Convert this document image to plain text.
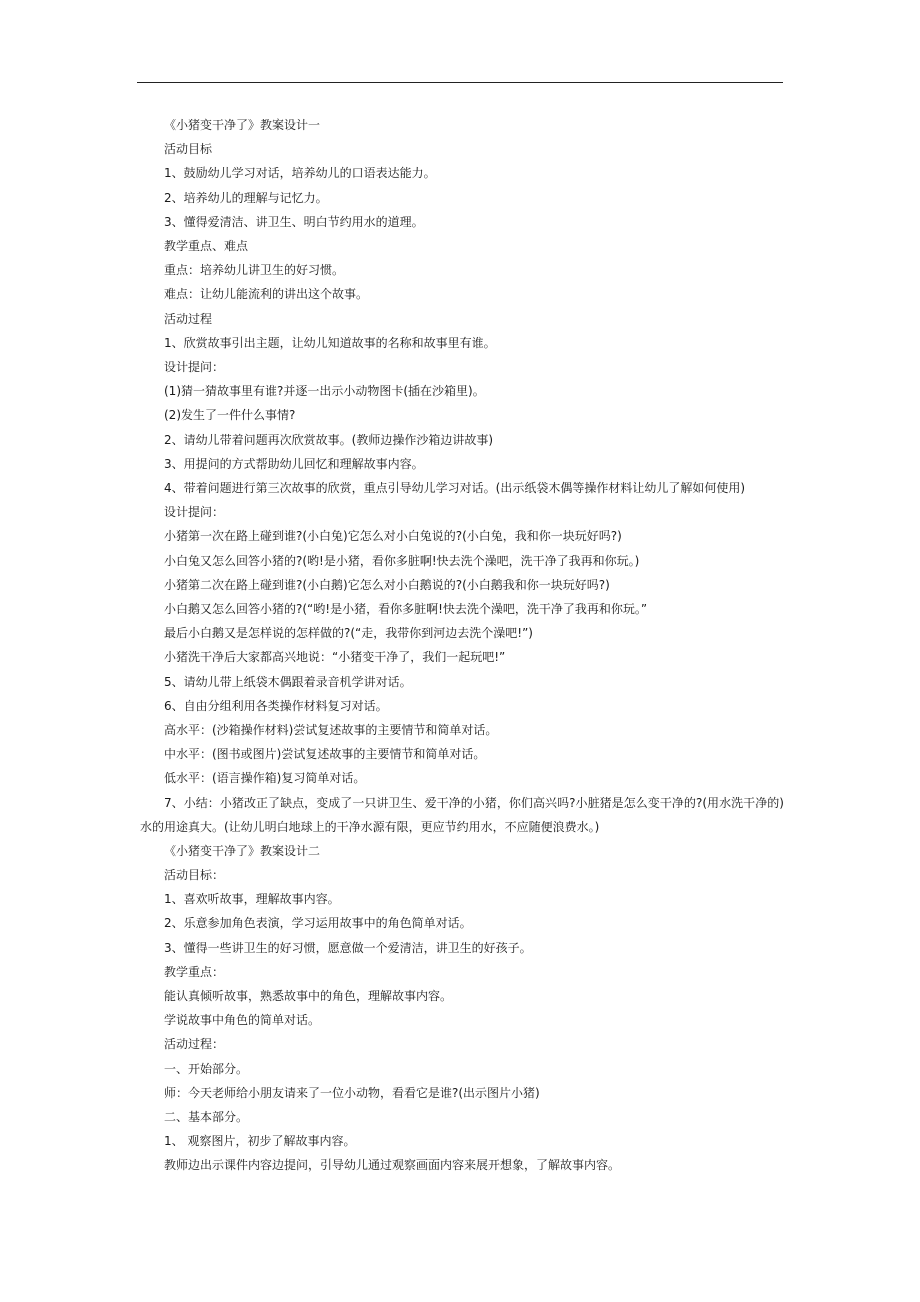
《小猪变干净了》教案设计一
活动目标
1、鼓励幼儿学习对话，培养幼儿的口语表达能力。
2、培养幼儿的理解与记忆力。
3、懂得爱清洁、讲卫生、明白节约用水的道理。
教学重点、难点
重点：培养幼儿讲卫生的好习惯。
难点：让幼儿能流利的讲出这个故事。
活动过程
1、欣赏故事引出主题，让幼儿知道故事的名称和故事里有谁。
设计提问：
(1)猜一猜故事里有谁?并逐一出示小动物图卡(插在沙箱里)。
(2)发生了一件什么事情?
2、请幼儿带着问题再次欣赏故事。(教师边操作沙箱边讲故事)
3、用提问的方式帮助幼儿回忆和理解故事内容。
4、带着问题进行第三次故事的欣赏，重点引导幼儿学习对话。(出示纸袋木偶等操作材料让幼儿了解如何使用)
设计提问：
小猪第一次在路上碰到谁?(小白兔)它怎么对小白兔说的?(小白兔，我和你一块玩好吗?)
小白兔又怎么回答小猪的?(哟!是小猪，看你多脏啊!快去洗个澡吧，洗干净了我再和你玩。)
小猪第二次在路上碰到谁?(小白鹅)它怎么对小白鹅说的?(小白鹅我和你一块玩好吗?)
小白鹅又怎么回答小猪的?(“哟!是小猪，看你多脏啊!快去洗个澡吧，洗干净了我再和你玩。”
最后小白鹅又是怎样说的怎样做的?(“走，我带你到河边去洗个澡吧!”)
小猪洗干净后大家都高兴地说：“小猪变干净了，我们一起玩吧!”
5、请幼儿带上纸袋木偶跟着录音机学讲对话。
6、自由分组利用各类操作材料复习对话。
高水平：(沙箱操作材料)尝试复述故事的主要情节和简单对话。
中水平：(图书或图片)尝试复述故事的主要情节和简单对话。
低水平：(语言操作箱)复习简单对话。
7、小结：小猪改正了缺点，变成了一只讲卫生、爱干净的小猪，你们高兴吗?小脏猪是怎么变干净的?(用水洗干净的)水的用途真大。(让幼儿明白地球上的干净水源有限，更应节约用水，不应随便浪费水。)
《小猪变干净了》教案设计二
活动目标：
1、喜欢听故事，理解故事内容。
2、乐意参加角色表演，学习运用故事中的角色简单对话。
3、懂得一些讲卫生的好习惯，愿意做一个爱清洁，讲卫生的好孩子。
教学重点：
能认真倾听故事，熟悉故事中的角色，理解故事内容。
学说故事中角色的简单对话。
活动过程：
一、开始部分。
师：今天老师给小朋友请来了一位小动物，看看它是谁?(出示图片小猪)
二、基本部分。
1、 观察图片，初步了解故事内容。
教师边出示课件内容边提问，引导幼儿通过观察画面内容来展开想象，了解故事内容。
